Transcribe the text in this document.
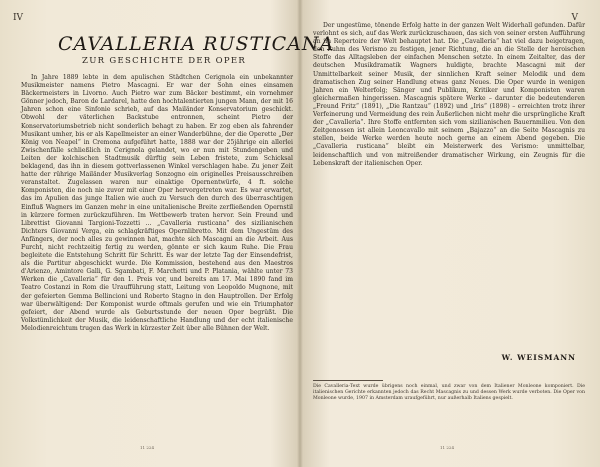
IV
CAVALLERIA RUSTICANA
ZUR GESCHICHTE DER OPER

In Jahre 1889 lebte in dem apulischen Städtchen Cerignola ein unbekannter Musikmeister namens Pietro Mascagni. Er war der Sohn eines einsamen Bäckermeisters in Livorno. Auch Pietro war zum Bäcker bestimmt, ein vornehmer Gönner jedoch, Baron de Lardarel, hatte den hochtalentierten jungen Mann, der mit 16 Jahren schon eine Sinfonie schrieb, auf das Mailänder Konservatorium geschickt. Obwohl der väterlichen Backstube entronnen, scheint Pietro der Konservatoriumsbetrieb nicht sonderlich behagt zu haben. Er zog eben als fahrender Musikant umher, bis er als Kapellmeister an einer Wanderbühne, der die Operette „Der König von Neapel“ in Cremona aufgeführt hatte, 1888 war der 25jährige ein allerlei Zwischenfälle schließlich in Cerignola gelandet, wo er nun mit Stundengeben und Leiten der kolchischen Stadtmusik dürftig sein Leben fristete, zum Schicksal beklagend, das ihn in diesem gottverlassenen Winkel verschlagen habe. Zu jener Zeit hatte der rührige Mailänder Musikverlag Sonzogno ein originelles Preisausschreiben veranstaltet. Zugelassen waren nur einaktige Opernentwürfe, 4 ft. solche Komponisten, die noch nie zuvor mit einer Oper hervorgetreten war. Es war erwartet, das im Apulien das junge Italien wie auch zu Versuch den durch des überraschtigen Einfluß Wagners im Ganzen mehr in eine unitalienische Breite zerfließenden Opernstil in kürzere formen zurückzuführen. Im Wettbewerb traten hervor. Sein Freund und Librettist Giovanni Targioni-Tozzetti ... „Cavalleria rusticana“ des sizilianischen Dichters Giovanni Verga, ein schlagkräftiges Opernlibretto. Mit dem Ungestüm des Anfängers, der noch alles zu gewinnen hat, machte sich Mascagni an die Arbeit. Aus Furcht, nicht rechtzeitig fertig zu werden, gönnte er sich kaum Ruhe. Die Frau begleitete die Entstehung Schritt für Schritt. Es war der letzte Tag der Einsendefrist, als die Partitur abgeschickt wurde. Die Kommission, bestehend aus den Maestros d'Arienzo, Amintore Galli, G. Sgambati, F. Marchetti und P. Platania, wählte unter 73 Werken die „Cavalleria“ für den 1. Preis vor, und bereits am 17. Mai 1890 fand im Teatro Costanzi in Rom die Uraufführung statt, Leitung von Leopoldo Mugnone, mit der gefeierten Gemma Bellincioni und Roberto Stagno in den Hauptrollen. Der Erfolg war überwältigend: Der Komponist wurde oftmals gerufen und wie ein Triumphator gefeiert, der Abend wurde als Geburtsstunde der neuen Oper begrüßt. Die Volkstümlichkeit der Musik, die leidenschaftliche Handlung und der echt italienische Melodienreichtum trugen das Werk in kürzester Zeit über alle Bühnen der Welt.

11 224
V

Der ungestüme, tönende Erfolg hatte in der ganzen Welt Widerhall gefunden. Dafür verlohnt es sich, auf das Werk zurückzuschauen, das sich von seiner ersten Aufführung an im Repertoire der Welt behauptet hat. Die „Cavalleria“ hat viel dazu beigetragen, den Ruhm des Verismo zu festigen, jener Richtung, die an die Stelle der heroischen Stoffe das Alltagsleben der einfachen Menschen setzte. In einem Zeitalter, das der deutschen Musikdramatik Wagners huldigte, brachte Mascagni mit der Unmittelbarkeit seiner Musik, der sinnlichen Kraft seiner Melodik und dem dramatischen Zug seiner Handlung etwas ganz Neues. Die Oper wurde in wenigen Jahren ein Welterfolg; Sänger und Publikum, Kritiker und Komponisten waren gleichermaßen hingerissen. Mascagnis spätere Werke – darunter die bedeutenderen „Freund Fritz“ (1891), „Die Rantzau“ (1892) und „Iris“ (1898) – erreichten trotz ihrer Verfeinerung und Vermeidung des rein Äußerlichen nicht mehr die ursprüngliche Kraft der „Cavalleria“. Ihre Stoffe entfernten sich vom sizilianischen Bauernmilieu. Von den Zeitgenossen ist allein Leoncavallo mit seinem „Bajazzo“ an die Seite Mascagnis zu stellen, beide Werke werden heute noch gerne an einem Abend gegeben. Die „Cavalleria rusticana“ bleibt ein Meisterwerk des Verismo: unmittelbar, leidenschaftlich und von mitreißender dramatischer Wirkung, ein Zeugnis für die Lebenskraft der italienischen Oper.

W. WEISMANN
Die Cavalleria-Text wurde übrigens noch einmal, und zwar von dem Italiener Monleone komponiert. Die italienischen Gerichte erkannten jedoch das Recht Mascagnis zu und dessen Werk wurde verboten. Die Oper von Monleone wurde, 1907 in Amsterdam uraufgeführt, nur außerhalb Italiens gespielt.
11 224
